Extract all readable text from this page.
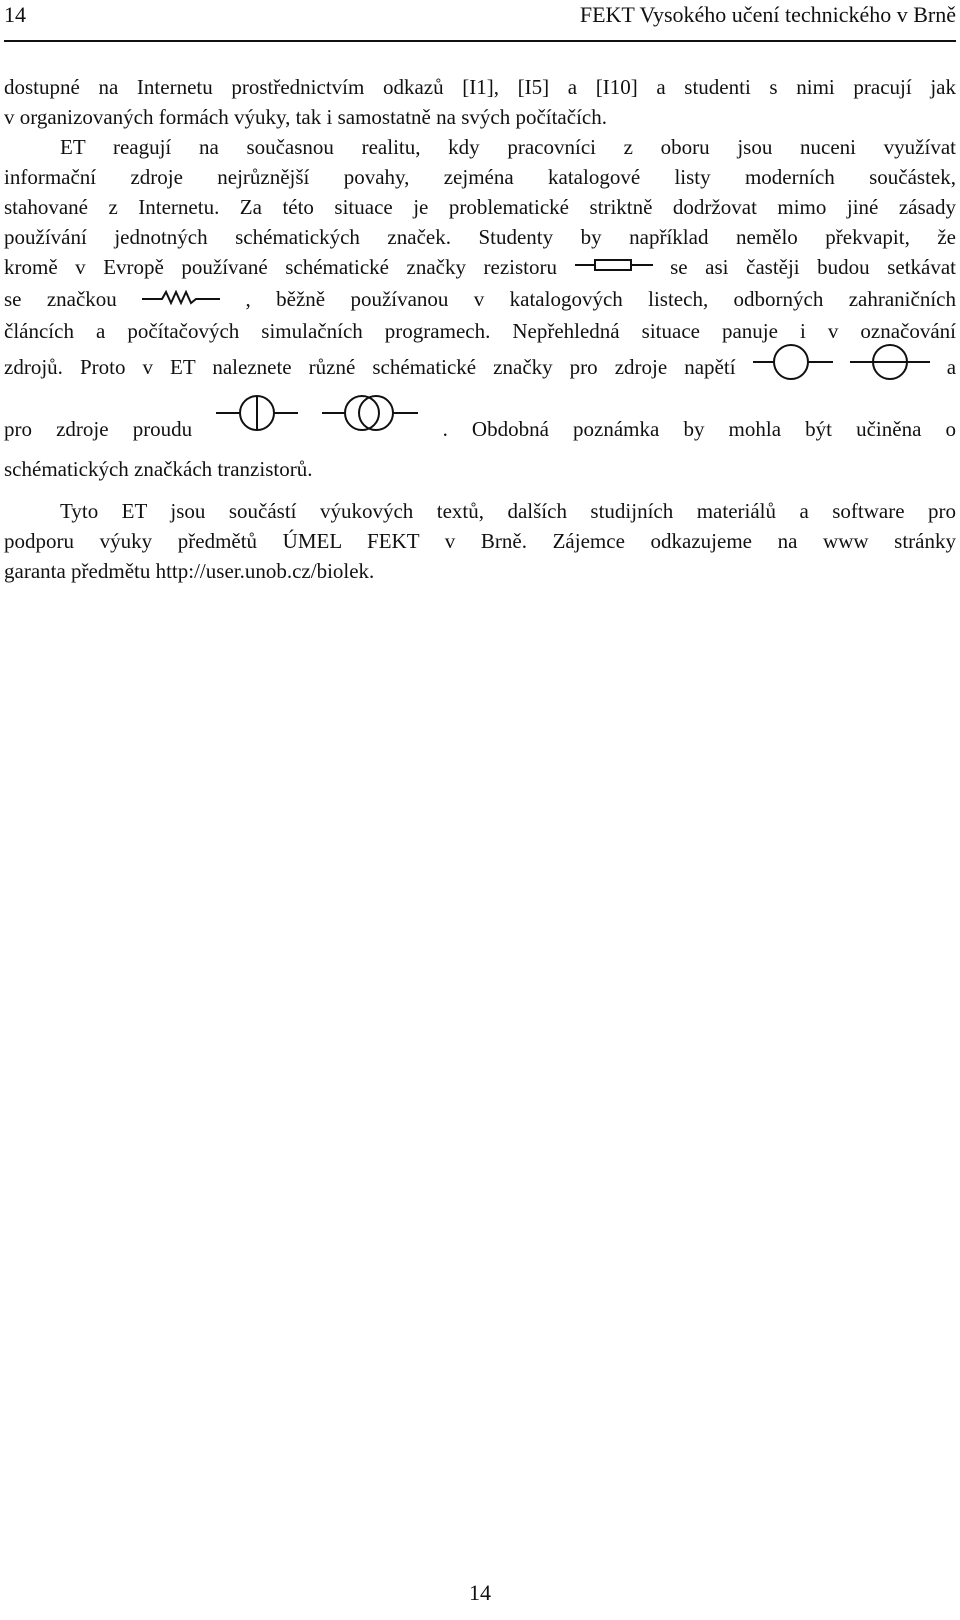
14	FEKT Vysokého učení technického v Brně
dostupné na Internetu prostřednictvím odkazů [I1], [I5] a [I10] a studenti s nimi pracují jak
v organizovaných formách výuky, tak i samostatně na svých počítačích.
ET reagují na současnou realitu, kdy pracovníci z oboru jsou nuceni využívat
informační zdroje nejrůznější povahy, zejména katalogové listy moderních součástek,
stahované z Internetu. Za této situace je problematické striktně dodržovat mimo jiné zásady
používání jednotných schématických značek. Studenty by například nemělo překvapit, že
kromě v Evropě používané schématické značky rezistoru	se asi častěji budou setkávat
se značkou	, běžně používanou v katalogových listech, odborných zahraničních
článcích a počítačových simulačních programech. Nepřehledná situace panuje i v označování
zdrojů. Proto v ET naleznete různé schématické značky pro zdroje napětí	a
pro zdroje proudu	. Obdobná poznámka by mohla být učiněna o
schématických značkách tranzistorů.
Tyto ET jsou součástí výukových textů, dalších studijních materiálů a software pro
podporu výuky předmětů ÚMEL FEKT v Brně. Zájemce odkazujeme na www stránky
garanta předmětu http://user.unob.cz/biolek.
14
